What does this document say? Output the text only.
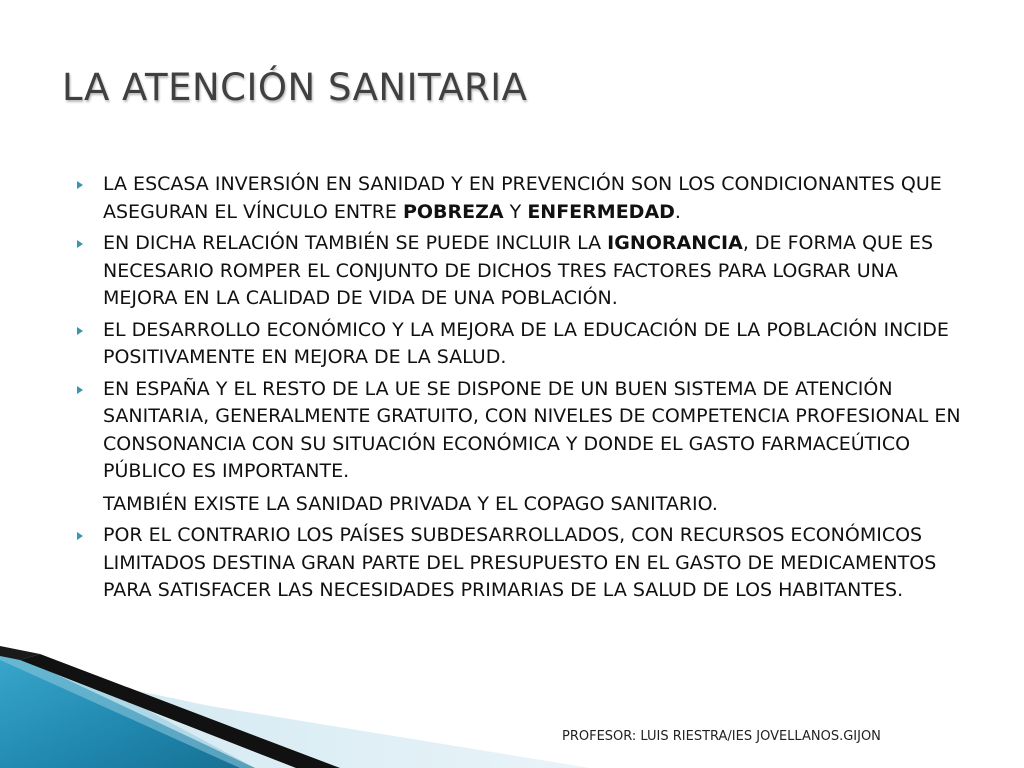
LA ATENCIÓN SANITARIA
LA ESCASA INVERSIÓN EN SANIDAD Y EN PREVENCIÓN SON LOS CONDICIONANTES QUE ASEGURAN EL VÍNCULO ENTRE POBREZA Y ENFERMEDAD.
EN DICHA RELACIÓN TAMBIÉN SE PUEDE INCLUIR LA IGNORANCIA, DE FORMA QUE ES NECESARIO ROMPER EL CONJUNTO DE DICHOS TRES FACTORES PARA LOGRAR UNA MEJORA EN LA CALIDAD DE VIDA DE UNA POBLACIÓN.
EL DESARROLLO ECONÓMICO Y LA MEJORA DE LA EDUCACIÓN DE LA POBLACIÓN INCIDE POSITIVAMENTE EN MEJORA DE LA SALUD.
EN ESPAÑA Y EL RESTO DE LA UE SE DISPONE DE UN BUEN SISTEMA DE ATENCIÓN SANITARIA, GENERALMENTE GRATUITO, CON NIVELES DE COMPETENCIA PROFESIONAL EN CONSONANCIA CON SU SITUACIÓN ECONÓMICA Y DONDE EL GASTO FARMACEÚTICO PÚBLICO ES IMPORTANTE.
TAMBIÉN EXISTE LA SANIDAD PRIVADA Y EL COPAGO SANITARIO.
POR EL CONTRARIO LOS PAÍSES SUBDESARROLLADOS, CON RECURSOS ECONÓMICOS LIMITADOS DESTINA GRAN PARTE DEL PRESUPUESTO EN EL GASTO DE MEDICAMENTOS PARA SATISFACER LAS NECESIDADES PRIMARIAS DE LA SALUD DE LOS HABITANTES.
PROFESOR: LUIS RIESTRA/IES JOVELLANOS.GIJON
